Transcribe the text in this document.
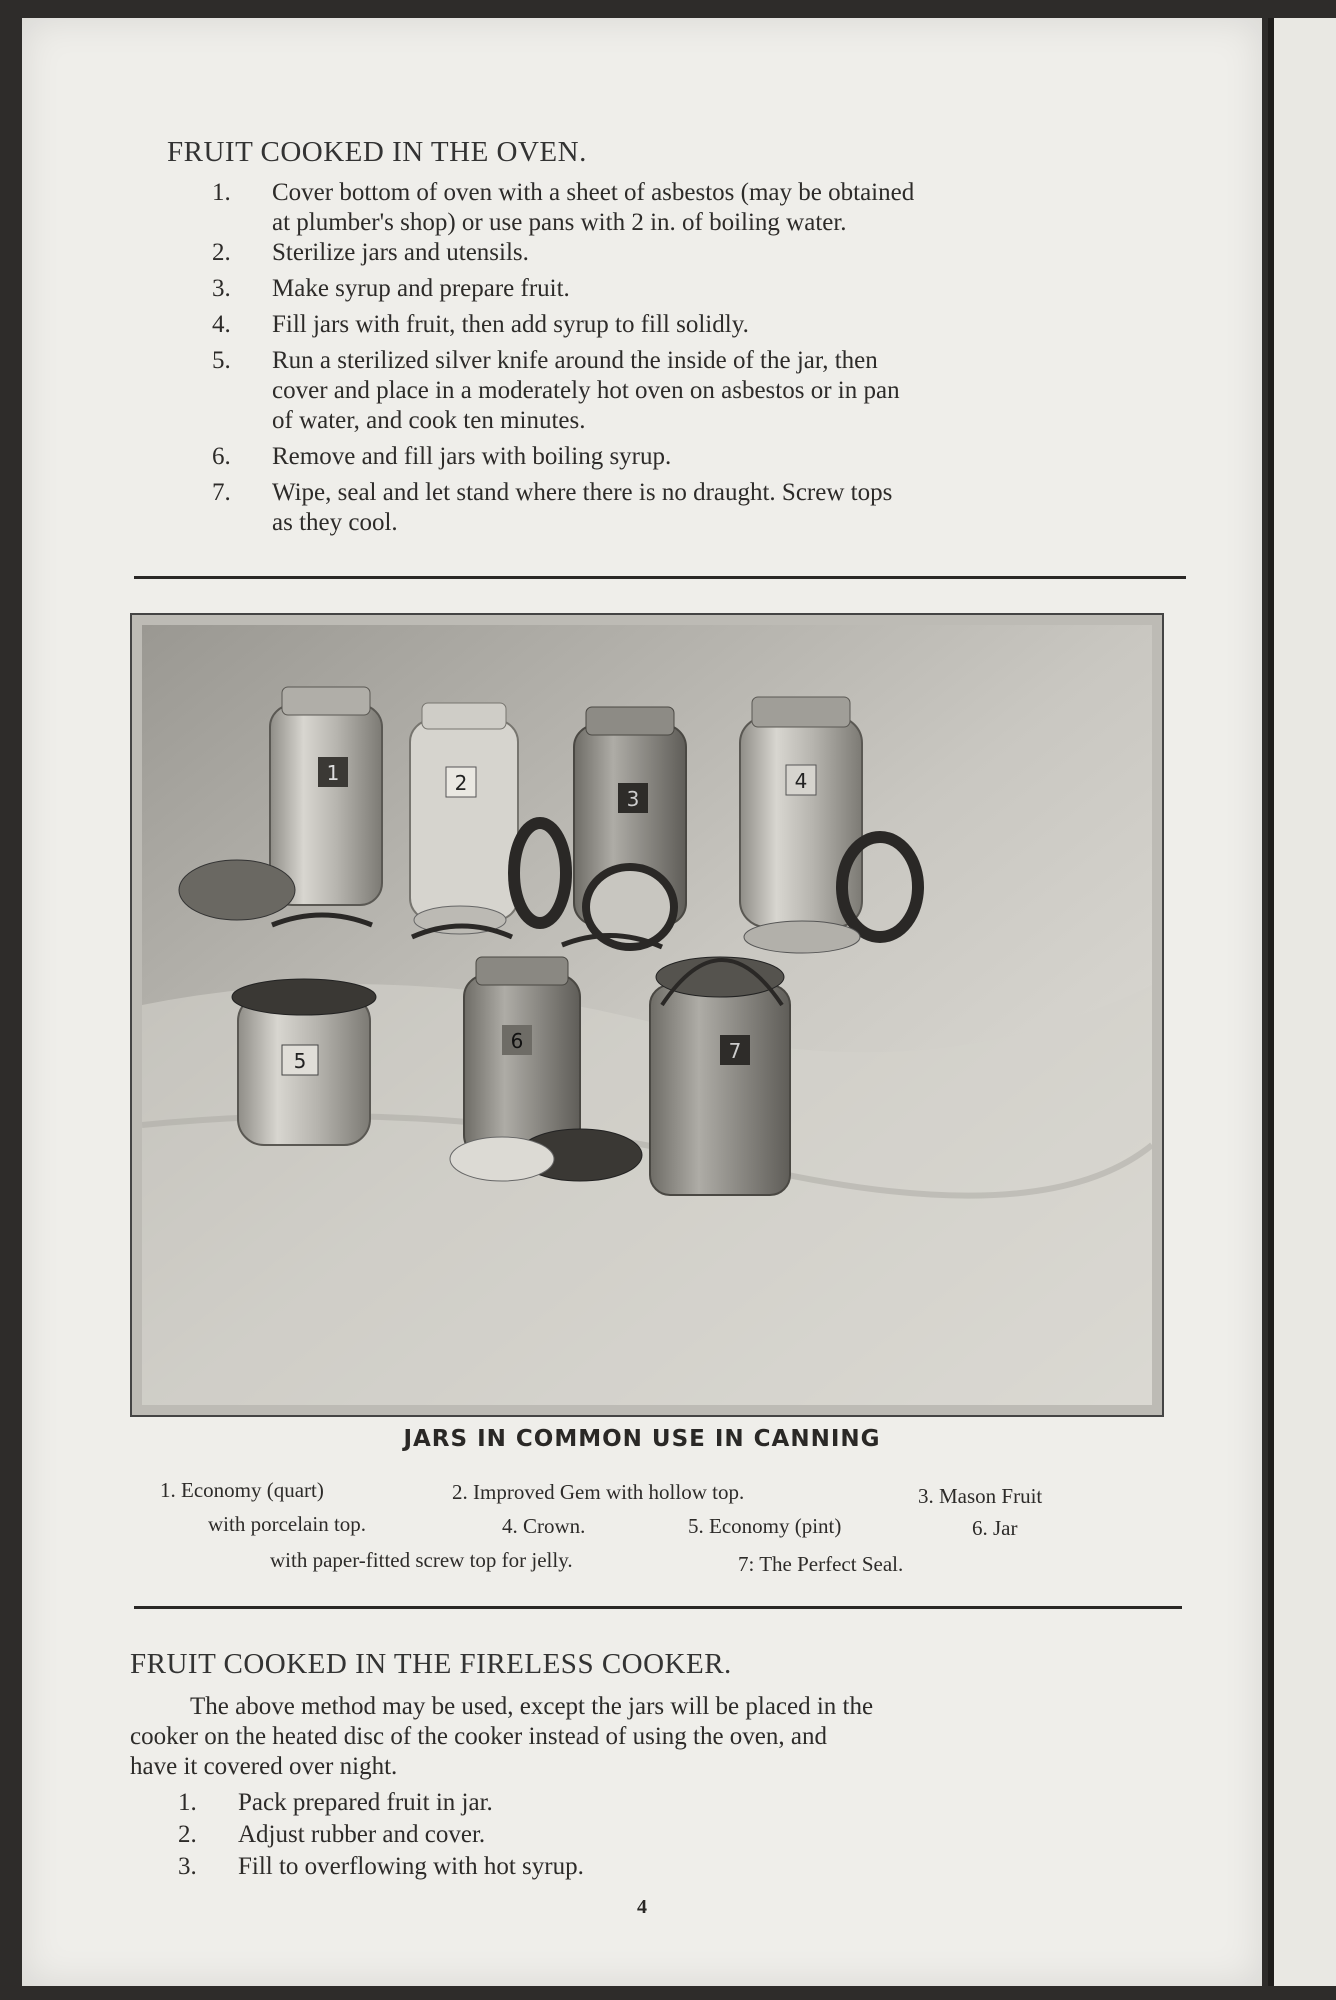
FRUIT COOKED IN THE OVEN.
1.	Cover bottom of oven with a sheet of asbestos (may be obtained
at plumber's shop) or use pans with 2 in. of boiling water.
2.	Sterilize jars and utensils.
3.	Make syrup and prepare fruit.
4.	Fill jars with fruit, then add syrup to fill solidly.
5.	Run a sterilized silver knife around the inside of the jar, then
cover and place in a moderately hot oven on asbestos or in pan
of water, and cook ten minutes.
6.	Remove and fill jars with boiling syrup.
7.	Wipe, seal and let stand where there is no draught. Screw tops
as they cool.
1	2
3
4
5
6	7
JARS IN COMMON USE IN CANNING
1. Economy (quart)	2. Improved Gem with hollow top.	3. Mason Fruit
with porcelain top.	4. Crown.	5. Economy (pint)	6. Jar
with paper-fitted screw top for jelly.	7: The Perfect Seal.
FRUIT COOKED IN THE FIRELESS COOKER.
The above method may be used, except the jars will be placed in the
cooker on the heated disc of the cooker instead of using the oven, and
have it covered over night.
1.	Pack prepared fruit in jar.
2.	Adjust rubber and cover.
3.	Fill to overflowing with hot syrup.
4
